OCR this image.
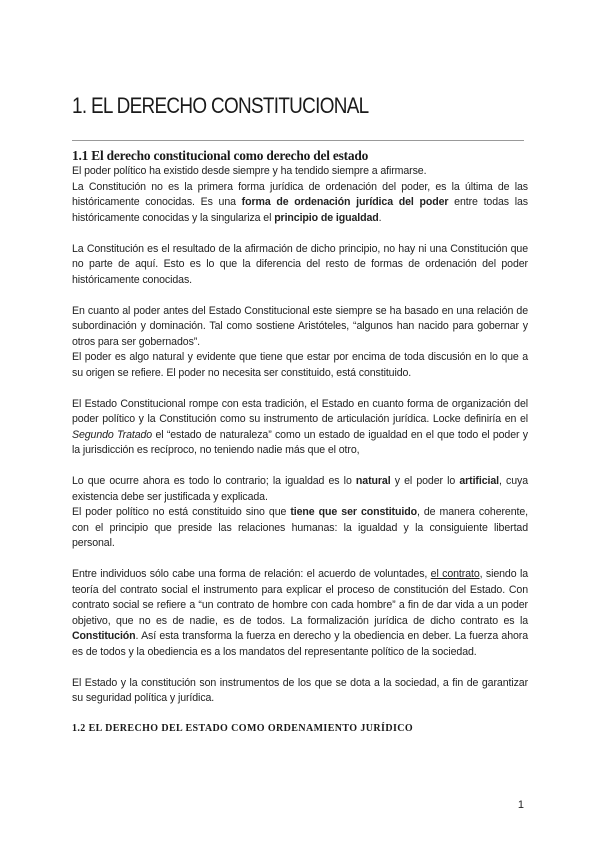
1. EL DERECHO CONSTITUCIONAL
1.1 El derecho constitucional como derecho del estado

El poder político ha existido desde siempre y ha tendido siempre a afirmarse.

La Constitución no es la primera forma jurídica de ordenación del poder, es la última de las históricamente conocidas. Es una forma de ordenación jurídica del poder entre todas las históricamente conocidas y la singulariza el principio de igualdad.

La Constitución es el resultado de la afirmación de dicho principio, no hay ni una Constitución que no parte de aquí. Esto es lo que la diferencia del resto de formas de ordenación del poder históricamente conocidas.

En cuanto al poder antes del Estado Constitucional este siempre se ha basado en una relación de subordinación y dominación. Tal como sostiene Aristóteles, “algunos han nacido para gobernar y otros para ser gobernados”.

El poder es algo natural y evidente que tiene que estar por encima de toda discusión en lo que a su origen se refiere. El poder no necesita ser constituido, está constituido.

El Estado Constitucional rompe con esta tradición, el Estado en cuanto forma de organización del poder político y la Constitución como su instrumento de articulación jurídica. Locke definiría en el Segundo Tratado el “estado de naturaleza” como un estado de igualdad en el que todo el poder y la jurisdicción es recíproco, no teniendo nadie más que el otro,

Lo que ocurre ahora es todo lo contrario; la igualdad es lo natural y el poder lo artificial, cuya existencia debe ser justificada y explicada.

El poder político no está constituido sino que tiene que ser constituido, de manera coherente, con el principio que preside las relaciones humanas: la igualdad y la consiguiente libertad personal.

Entre individuos sólo cabe una forma de relación: el acuerdo de voluntades, el contrato, siendo la teoría del contrato social el instrumento para explicar el proceso de constitución del Estado. Con contrato social se refiere a “un contrato de hombre con cada hombre” a fin de dar vida a un poder objetivo, que no es de nadie, es de todos. La formalización jurídica de dicho contrato es la Constitución. Así esta transforma la fuerza en derecho y la obediencia en deber. La fuerza ahora es de todos y la obediencia es a los mandatos del representante político de la sociedad.

El Estado y la constitución son instrumentos de los que se dota a la sociedad, a fin de garantizar su seguridad política y jurídica.

1.2 EL DERECHO DEL ESTADO COMO ORDENAMIENTO JURÍDICO
1
